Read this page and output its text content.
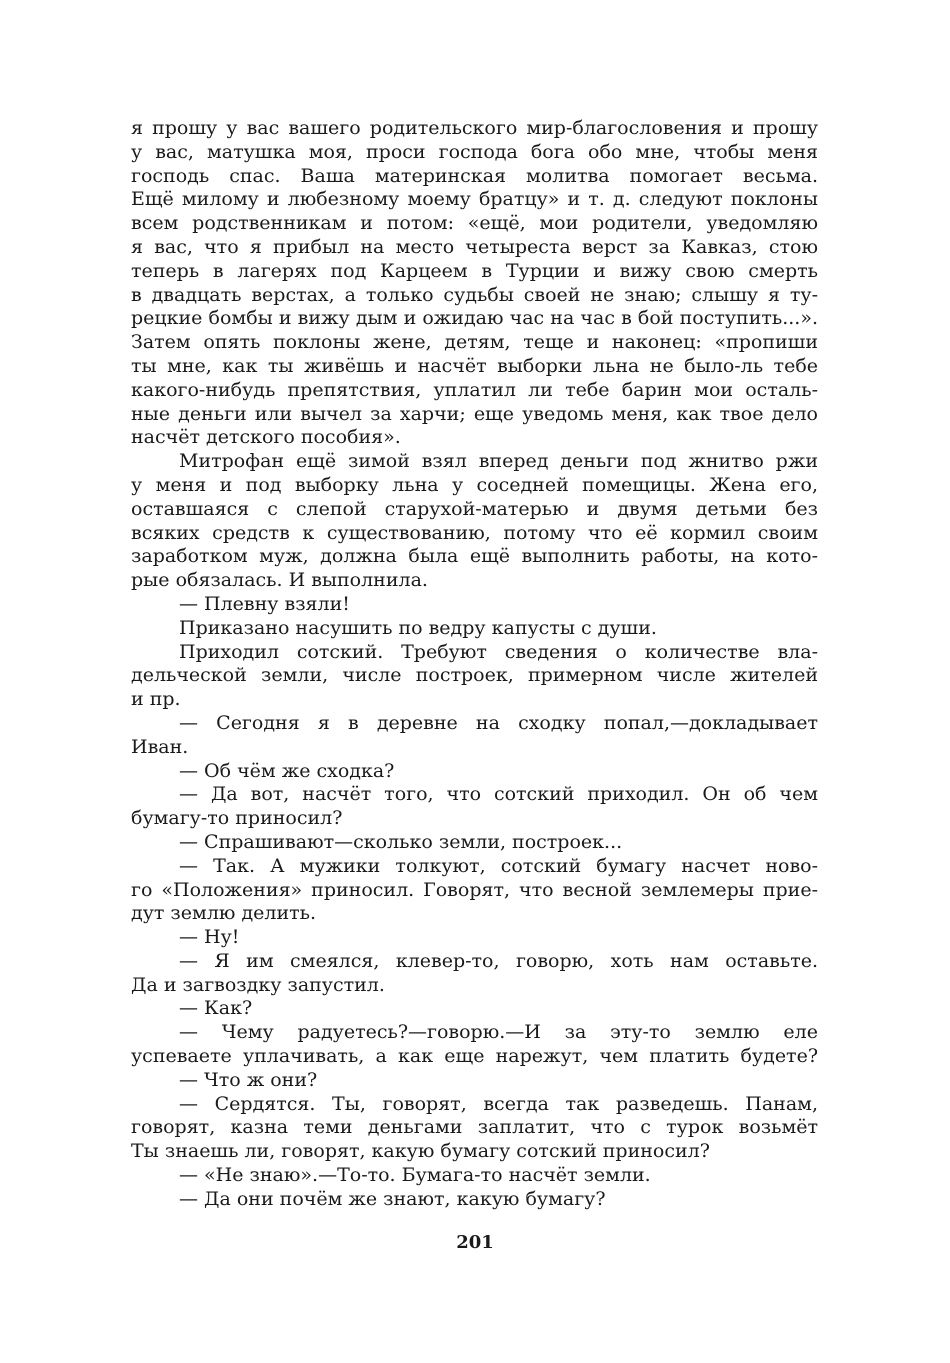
я прошу у вас вашего родительского мир-благословения и прошу
у вас, матушка моя, проси господа бога обо мне, чтобы меня
господь спас. Ваша материнская молитва помогает весьма.
Ещё милому и любезному моему братцу» и т. д. следуют поклоны
всем родственникам и потом: «ещё, мои родители, уведомляю
я вас, что я прибыл на место четыреста верст за Кавказ, стою
теперь в лагерях под Карцеем в Турции и вижу свою смерть
в двадцать верстах, а только судьбы своей не знаю; слышу я ту-
рецкие бомбы и вижу дым и ожидаю час на час в бой поступить...».
Затем опять поклоны жене, детям, теще и наконец: «пропиши
ты мне, как ты живёшь и насчёт выборки льна не было-ль тебе
какого-нибудь препятствия, уплатил ли тебе барин мои осталь-
ные деньги или вычел за харчи; еще уведомь меня, как твое дело
насчёт детского пособия».
Митрофан ещё зимой взял вперед деньги под жнитво ржи
у меня и под выборку льна у соседней помещицы. Жена его,
оставшаяся с слепой старухой-матерью и двумя детьми без
всяких средств к существованию, потому что её кормил своим
заработком муж, должна была ещё выполнить работы, на кото-
рые обязалась. И выполнила.
— Плевну взяли!
Приказано насушить по ведру капусты с души.
Приходил сотский. Требуют сведения о количестве вла-
дельческой земли, числе построек, примерном числе жителей
и пр.
— Сегодня я в деревне на сходку попал,—докладывает
Иван.
— Об чём же сходка?
— Да вот, насчёт того, что сотский приходил. Он об чем
бумагу-то приносил?
— Спрашивают—сколько земли, построек...
— Так. А мужики толкуют, сотский бумагу насчет ново-
го «Положения» приносил. Говорят, что весной землемеры прие-
дут землю делить.
— Ну!
— Я им смеялся, клевер-то, говорю, хоть нам оставьте.
Да и загвоздку запустил.
— Как?
— Чему радуетесь?—говорю.—И за эту-то землю еле
успеваете уплачивать, а как еще нарежут, чем платить будете?
— Что ж они?
— Сердятся. Ты, говорят, всегда так разведешь. Панам,
говорят, казна теми деньгами заплатит, что с турок возьмёт
Ты знаешь ли, говорят, какую бумагу сотский приносил?
— «Не знаю».—То-то. Бумага-то насчёт земли.
— Да они почём же знают, какую бумагу?
201
